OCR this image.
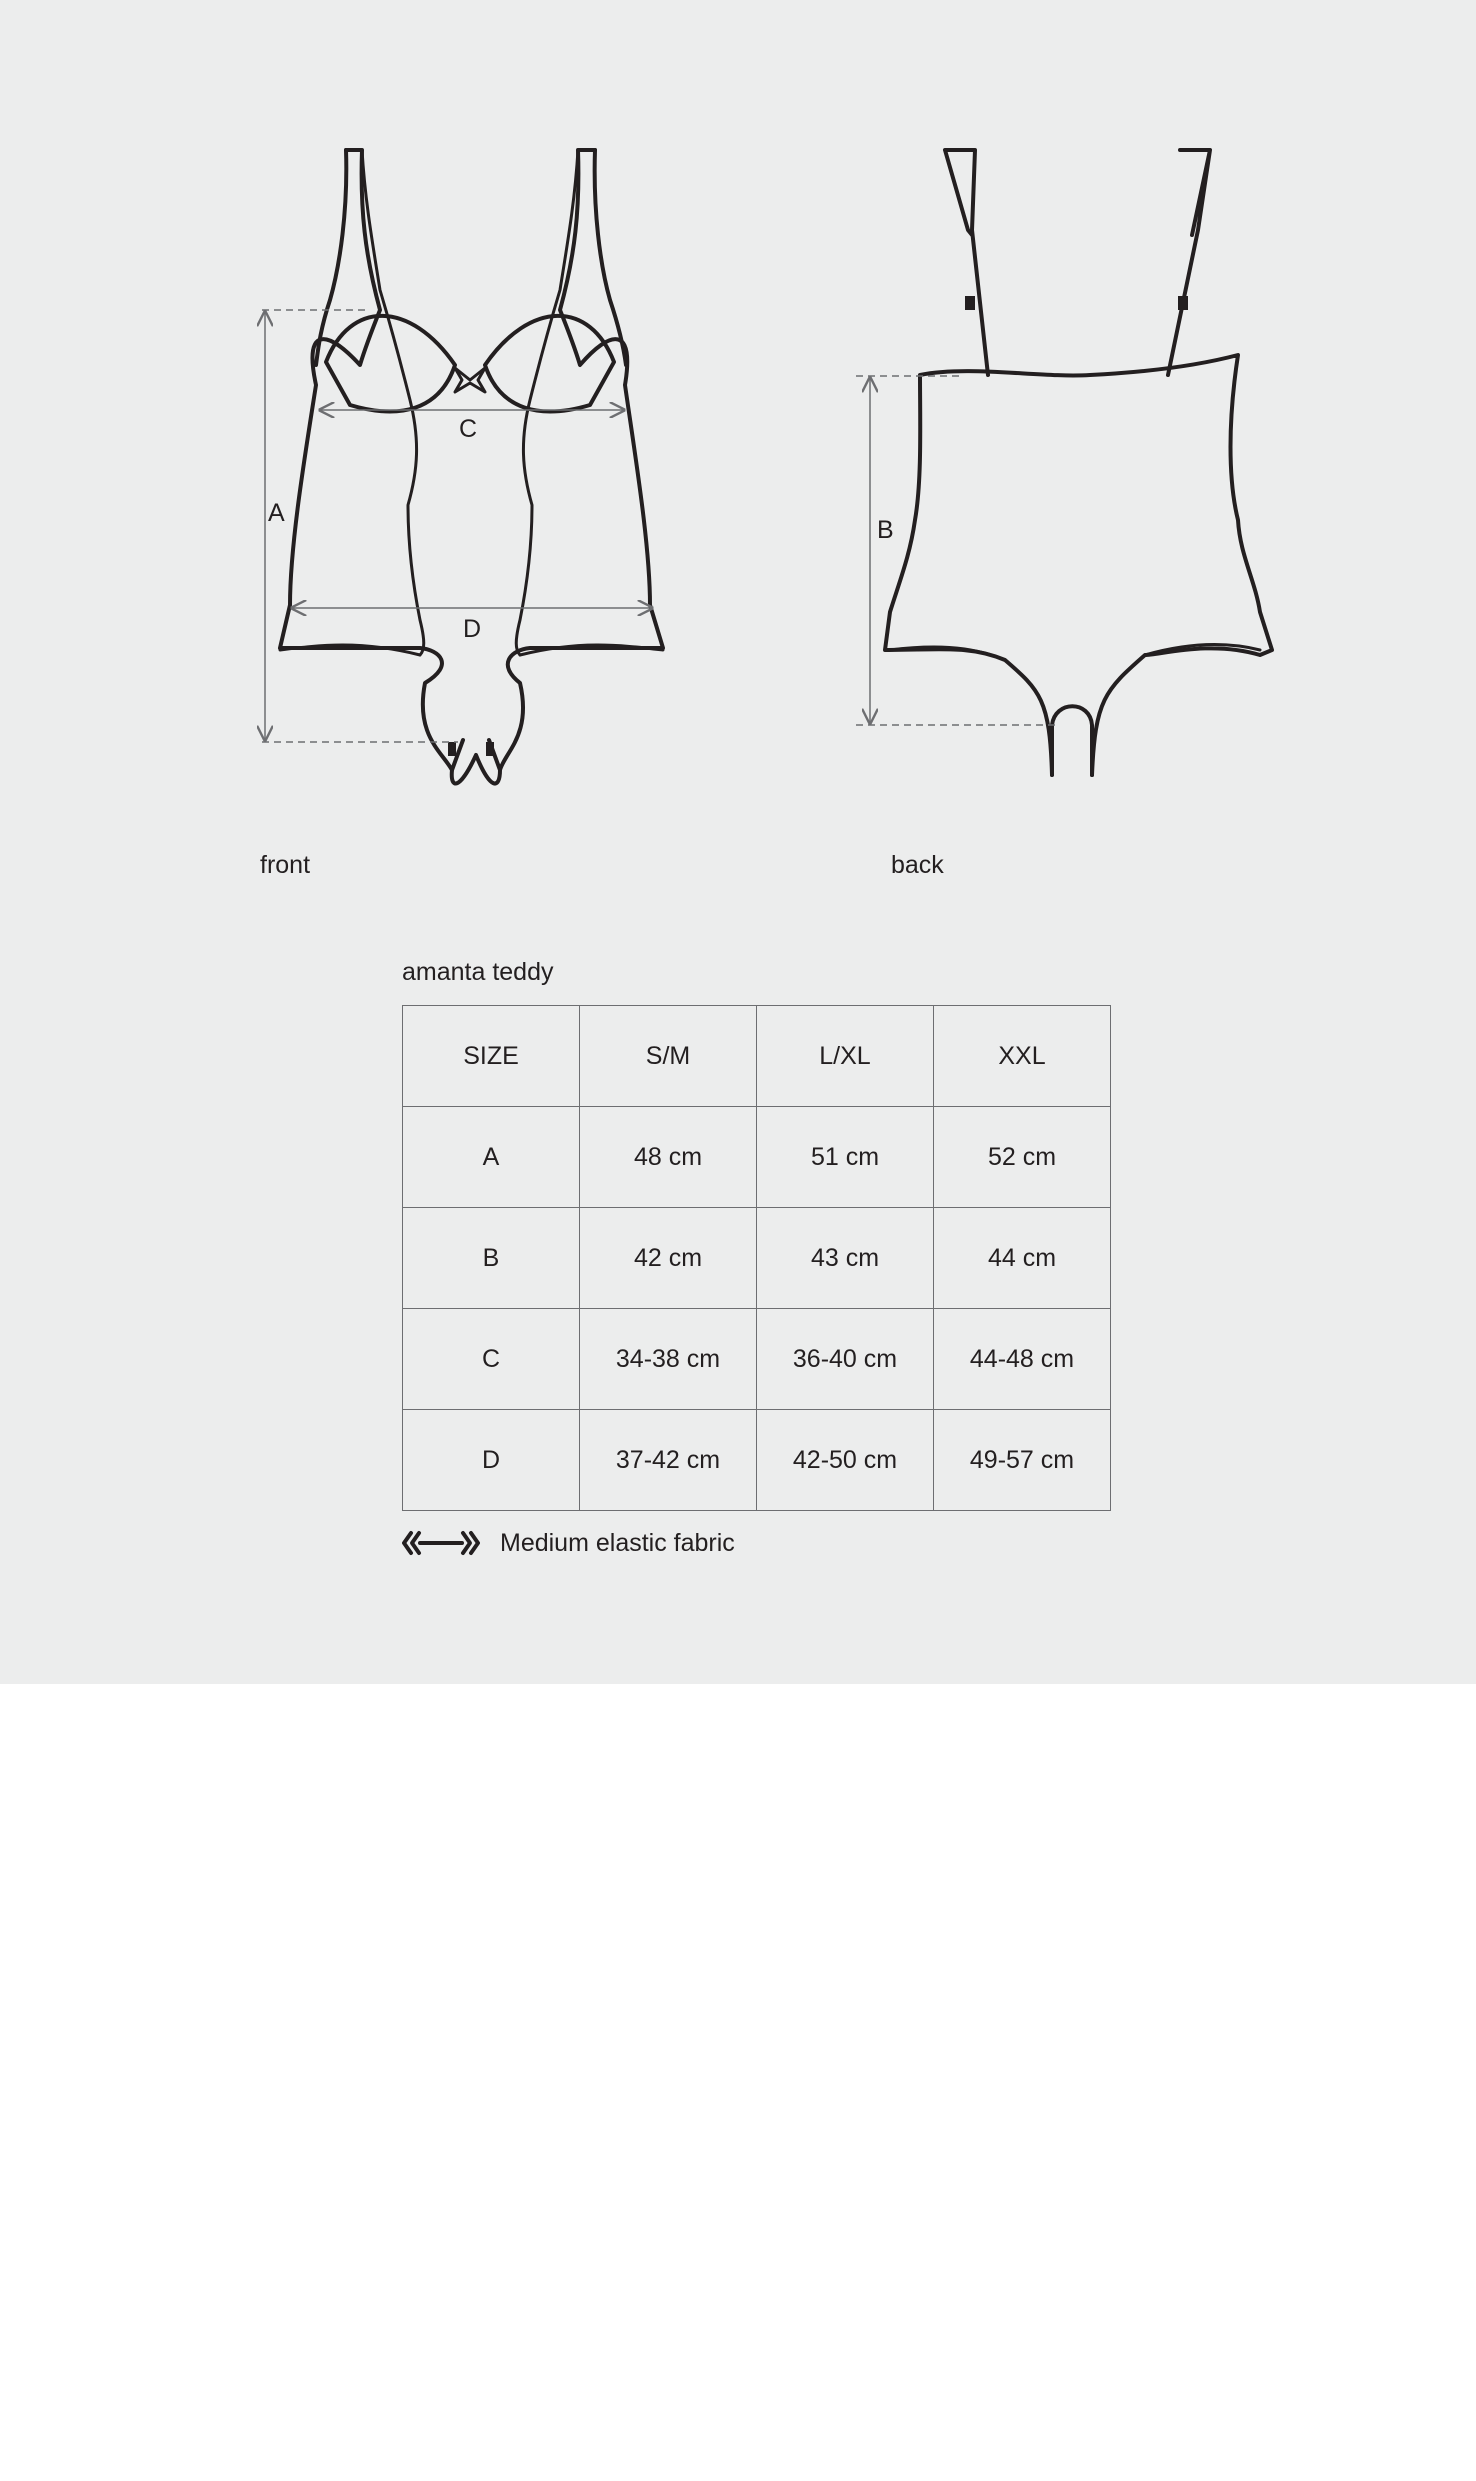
A
C
D
B
front	back
amanta teddy
SIZE	S/M	L/XL	XXL
A	48 cm	51 cm	52 cm
B	42 cm	43 cm	44 cm
C	34-38 cm	36-40 cm	44-48 cm
D	37-42 cm	42-50 cm	49-57 cm
Medium elastic fabric
